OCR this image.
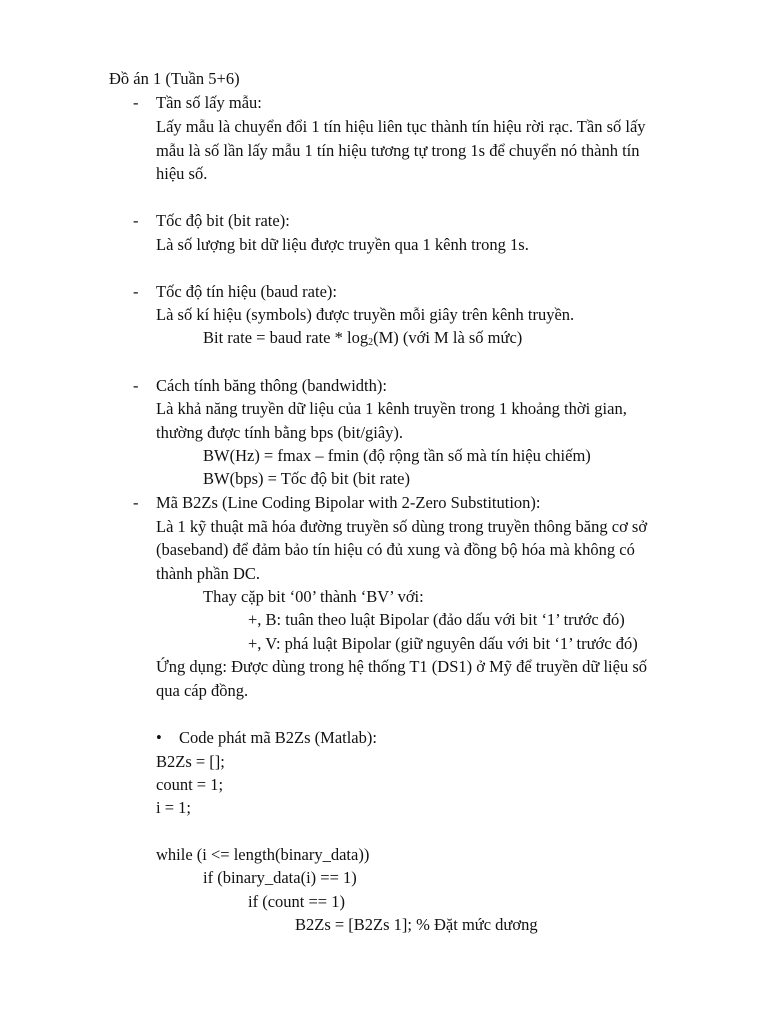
Đồ án 1 (Tuần 5+6)
- Tần số lấy mẫu:
Lấy mẫu là chuyển đổi 1 tín hiệu liên tục thành tín hiệu rời rạc. Tần số lấy
mẫu là số lần lấy mẫu 1 tín hiệu tương tự trong 1s để chuyển nó thành tín
hiệu số.
- Tốc độ bit (bit rate):
Là số lượng bit dữ liệu được truyền qua 1 kênh trong 1s.
- Tốc độ tín hiệu (baud rate):
Là số kí hiệu (symbols) được truyền mỗi giây trên kênh truyền.
Bit rate = baud rate * $\log_2(M)$ (với M là số mức)
- Cách tính băng thông (bandwidth):
Là khả năng truyền dữ liệu của 1 kênh truyền trong 1 khoảng thời gian,
thường được tính bằng bps (bit/giây).
BW(Hz) = fmax – fmin (độ rộng tần số mà tín hiệu chiếm)
BW(bps) = Tốc độ bit (bit rate)
- Mã B2Zs (Line Coding Bipolar with 2-Zero Substitution):
Là 1 kỹ thuật mã hóa đường truyền số dùng trong truyền thông băng cơ sở
(baseband) để đảm bảo tín hiệu có đủ xung và đồng bộ hóa mà không có
thành phần DC.
Thay cặp bit ‘00’ thành ‘BV’ với:
+, B: tuân theo luật Bipolar (đảo dấu với bit ‘1’ trước đó)
+, V: phá luật Bipolar (giữ nguyên dấu với bit ‘1’ trước đó)
Ứng dụng: Được dùng trong hệ thống T1 (DS1) ở Mỹ để truyền dữ liệu số
qua cáp đồng.
• Code phát mã B2Zs (Matlab):
B2Zs = [];
count = 1;
i = 1;
while (i <= length(binary_data))
if (binary_data(i) == 1)
if (count == 1)
B2Zs = [B2Zs 1]; % Đặt mức dương
